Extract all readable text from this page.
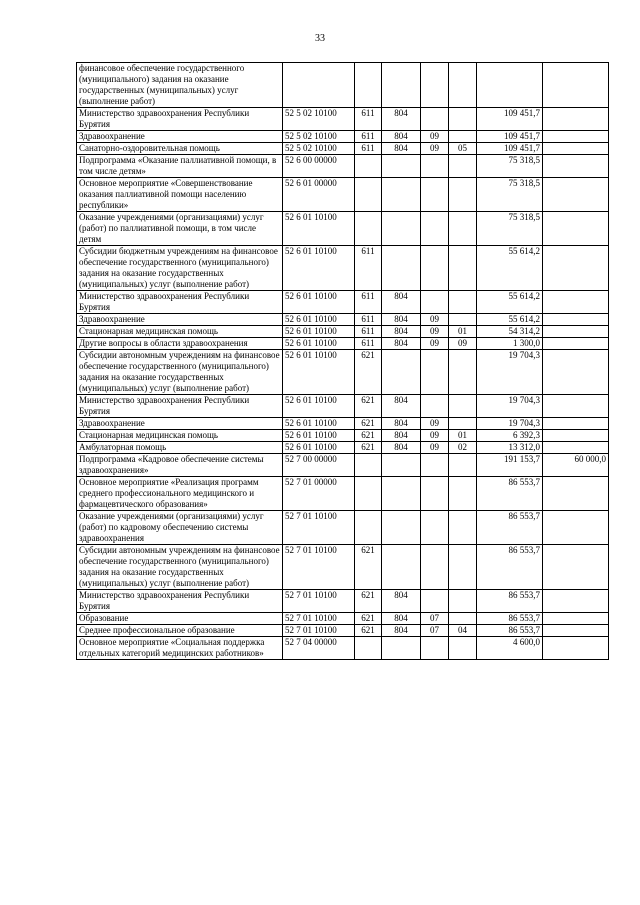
33
финансовое обеспечение государственного (муниципального) задания на оказание государственных (муниципальных) услуг (выполнение работ)							
Министерство здравоохранения Республики Бурятия	52 5 02 10100	611	804			109 451,7	
Здравоохранение	52 5 02 10100	611	804	09		109 451,7	
Санаторно-оздоровительная помощь	52 5 02 10100	611	804	09	05	109 451,7	
Подпрограмма «Оказание паллиативной помощи, в том числе детям»	52 6 00 00000					75 318,5	
Основное мероприятие «Совершенствование оказания паллиативной помощи населению республики»	52 6 01 00000					75 318,5	
Оказание учреждениями (организациями) услуг (работ) по паллиативной помощи, в том числе детям	52 6 01 10100					75 318,5	
Субсидии бюджетным учреждениям на финансовое обеспечение государственного (муниципального) задания на оказание государственных (муниципальных) услуг (выполнение работ)	52 6 01 10100	611				55 614,2	
Министерство здравоохранения Республики Бурятия	52 6 01 10100	611	804			55 614,2	
Здравоохранение	52 6 01 10100	611	804	09		55 614,2	
Стационарная медицинская помощь	52 6 01 10100	611	804	09	01	54 314,2	
Другие вопросы в области здравоохранения	52 6 01 10100	611	804	09	09	1 300,0	
Субсидии автономным учреждениям на финансовое обеспечение государственного (муниципального) задания на оказание государственных (муниципальных) услуг (выполнение работ)	52 6 01 10100	621				19 704,3	
Министерство здравоохранения Республики Бурятия	52 6 01 10100	621	804			19 704,3	
Здравоохранение	52 6 01 10100	621	804	09		19 704,3	
Стационарная медицинская помощь	52 6 01 10100	621	804	09	01	6 392,3	
Амбулаторная помощь	52 6 01 10100	621	804	09	02	13 312,0	
Подпрограмма «Кадровое обеспечение системы здравоохранения»	52 7 00 00000					191 153,7	60 000,0
Основное мероприятие «Реализация программ среднего профессионального медицинского и фармацевтического образования»	52 7 01 00000					86 553,7	
Оказание учреждениями (организациями) услуг (работ) по кадровому обеспечению системы здравоохранения	52 7 01 10100					86 553,7	
Субсидии автономным учреждениям на финансовое обеспечение государственного (муниципального) задания на оказание государственных (муниципальных) услуг (выполнение работ)	52 7 01 10100	621				86 553,7	
Министерство здравоохранения Республики Бурятия	52 7 01 10100	621	804			86 553,7	
Образование	52 7 01 10100	621	804	07		86 553,7	
Среднее профессиональное образование	52 7 01 10100	621	804	07	04	86 553,7	
Основное мероприятие «Социальная поддержка отдельных категорий медицинских работников»	52 7 04 00000					4 600,0	
